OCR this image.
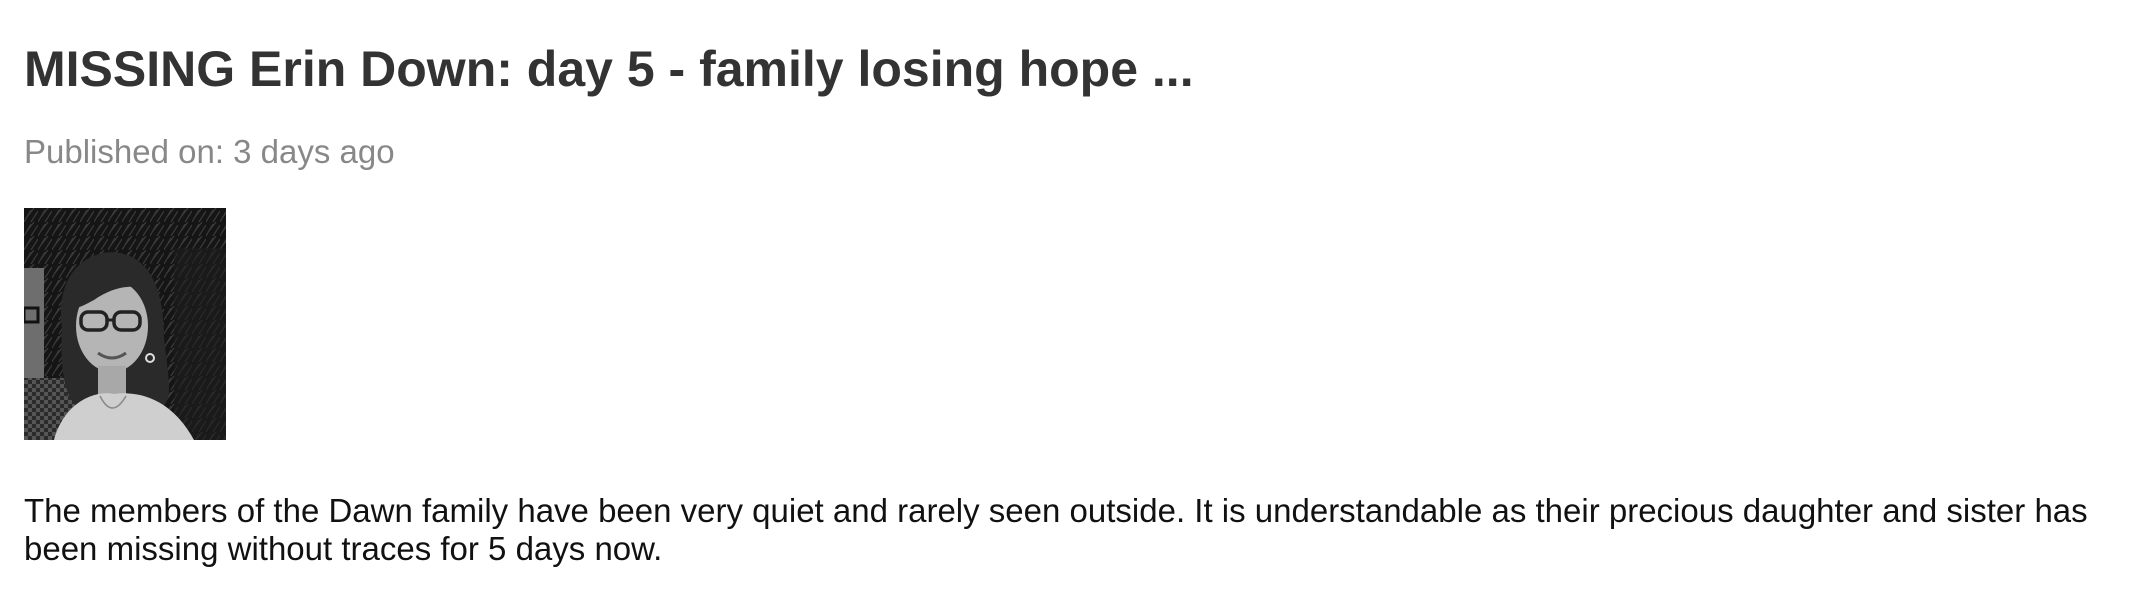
MISSING Erin Down: day 5 - family losing hope ...
Published on: 3 days ago

The members of the Dawn family have been very quiet and rarely seen outside. It is understandable as their precious daughter and sister has been missing without traces for 5 days now.
